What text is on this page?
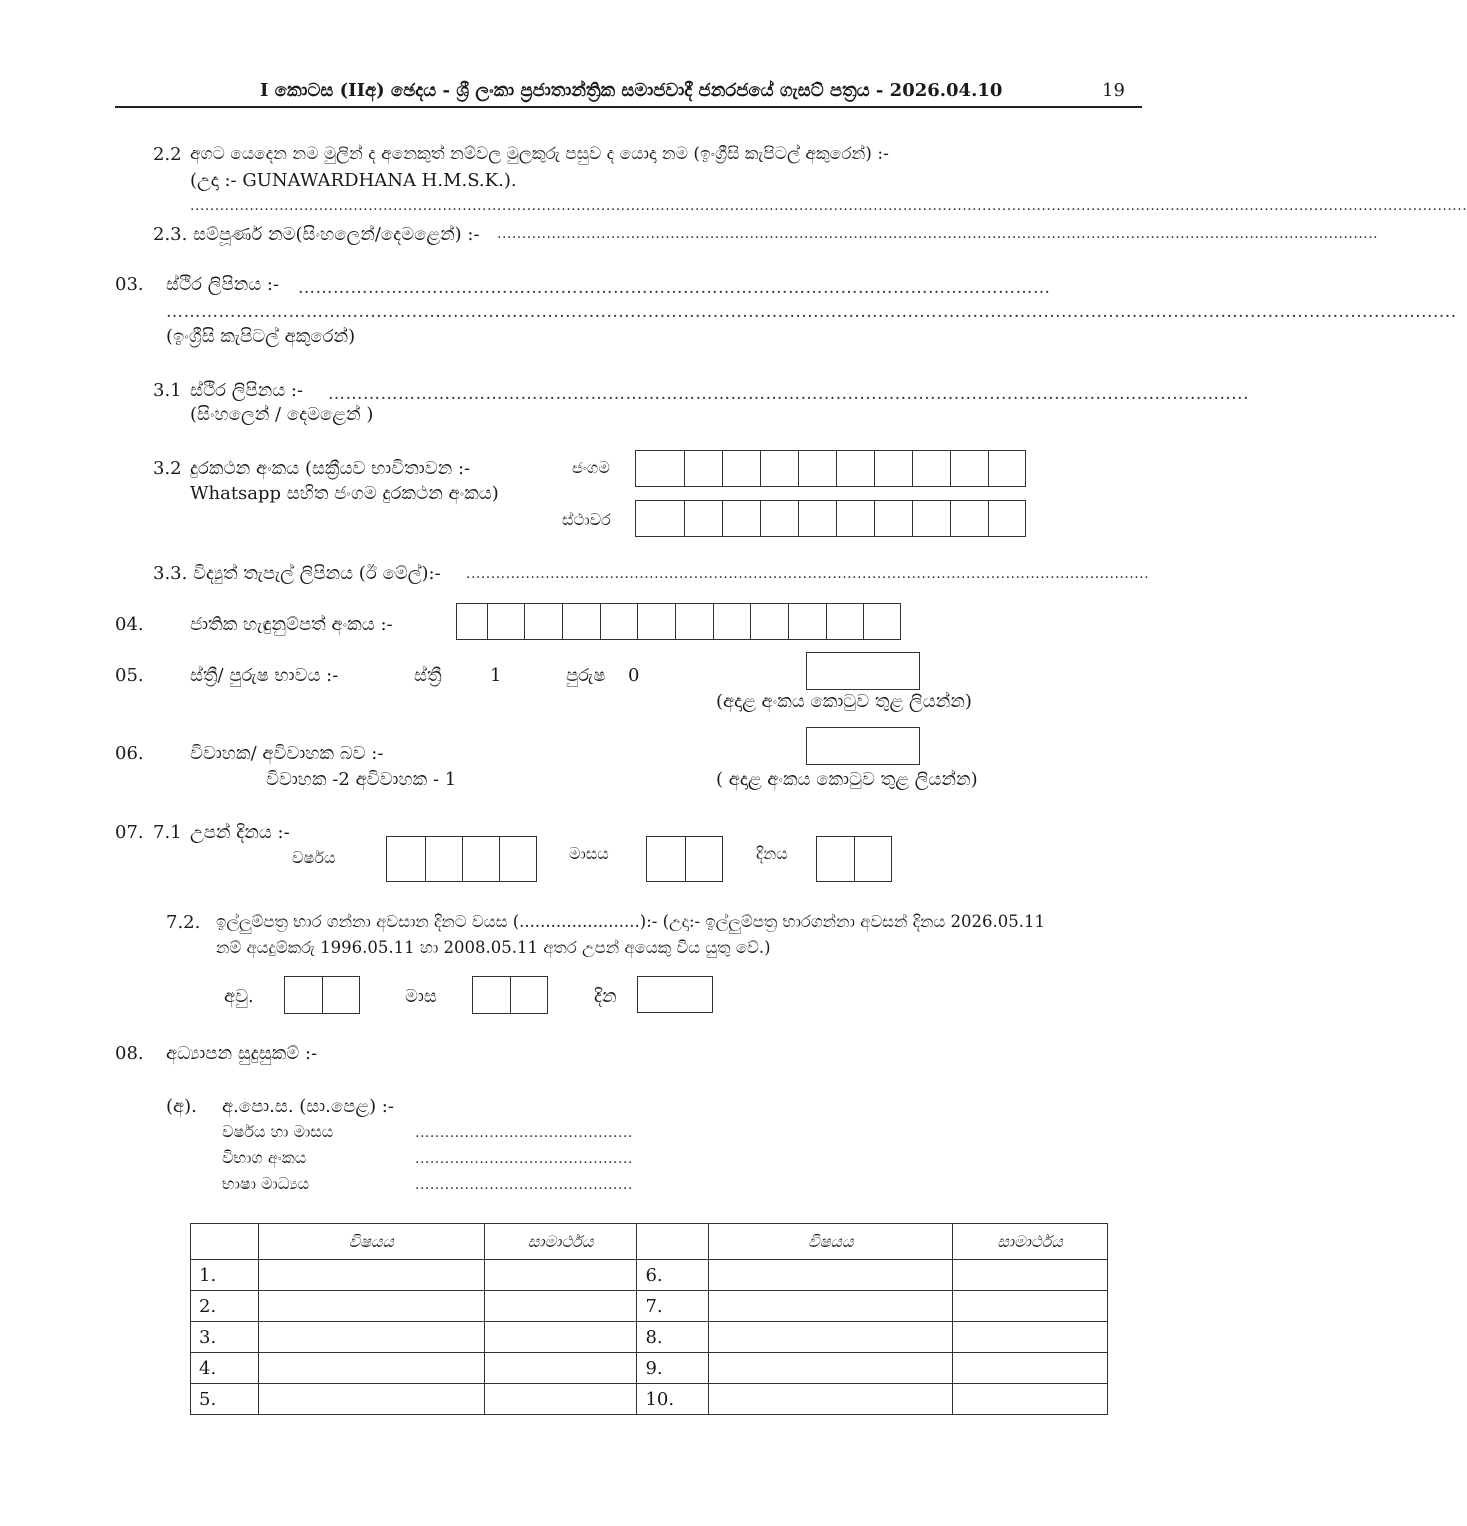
I කොටස (IIඅ) ඡෙදය - ශ්‍රී ලංකා ප්‍රජාතාන්ත්‍රික සමාජවාදී ජනරජයේ ගැසට් පත්‍රය - 2026.04.10	19
2.2 අගට යෙදෙන නම මුලින් ද අනෙකුත් නම්වල මුලකුරු පසුව ද යොදා නම (ඉංග්‍රීසි කැපිටල් අකුරෙන්) :-
(උදා :- GUNAWARDHANA H.M.S.K.).
..................................................................................................................................................................................................................................................................
2.3. සම්පූර්ණ නම(සිංහලෙන්/දෙමළෙන්) :- ..................................................................................................................................................................................
03. ස්ථිර ලිපිනය :- …………………………………………………………………………………………………………………
……………………………..........................................................................................................................................................................................
(ඉංග්‍රීසි කැපිටල් අකුරෙන්)
3.1 ස්ථිර ලිපිනය :- ………………………………………………………………………….........................................................................
(සිංහලෙන් / දෙමළෙන් )
3.2 දුරකථන අංකය (සක්‍රීයව භාවිතාවන :-
Whatsapp සහිත ජංගම දුරකථන අංකය)
ජංගම
ස්ථාවර
3.3. විද්‍යුත් තැපැල් ලිපිනය (ඊ මේල්):- ..........................................................................................................................................
04.	ජාතික හැඳුනුම්පත් අංකය :-
05.	ස්ත්‍රී/ පුරුෂ භාවය :-	ස්ත්‍රී	1	පුරුෂ 0
(අදාළ අංකය කොටුව තුළ ලියන්න)
06.	විවාහක/ අවිවාහක බව :-
විවාහක -2 අවිවාහක - 1	( අදාළ අංකය කොටුව තුළ ලියන්න)
07. 7.1 උපන් දිනය :-
වර්ෂය	මාසය	දිනය
7.2. ඉල්ලුම්පත්‍ර භාර ගන්නා අවසාන දිනට වයස (.......................):- (උදා:- ඉල්ලුම්පත්‍ර භාරගන්නා අවසන් දිනය 2026.05.11
නම් අයදුම්කරු 1996.05.11 හා 2008.05.11 අතර උපන් අයෙකු විය යුතු වේ.)
අවු.	මාස	දින
08. අධ්‍යාපන සුදුසුකම් :-
(අ). අ.පො.ස. (සා.පෙළ) :-
වර්ෂය හා මාසය	............................................
විභාග අංකය	............................................
භාෂා මාධ්‍යය	............................................
	විෂයය	සාමාර්ථය		විෂයය	සාමාර්ථය
1.			6.		
2.			7.		
3.			8.		
4.			9.		
5.			10.		
